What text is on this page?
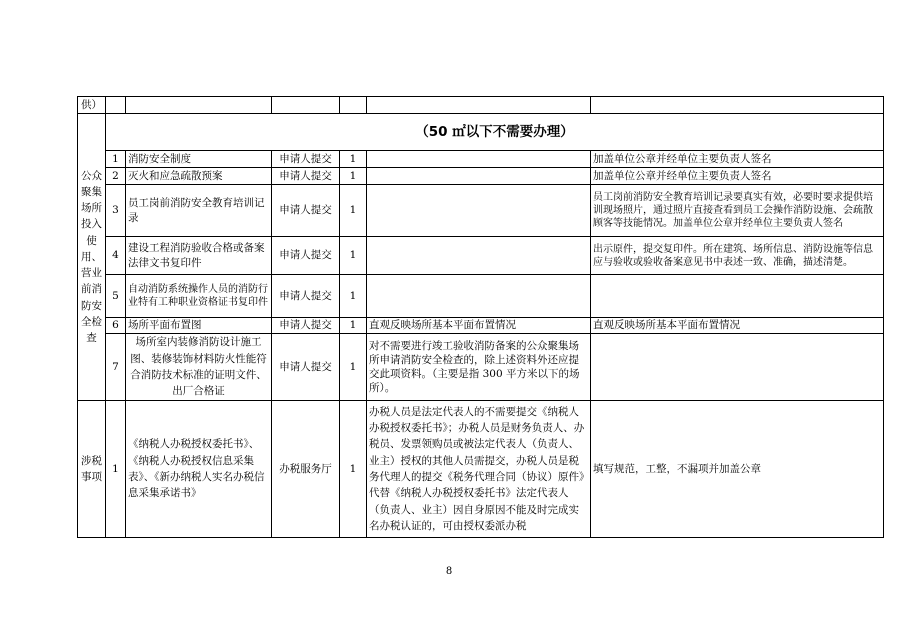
供）						
公众聚集场所投入使用、营业前消防安全检查	（50 ㎡以下不需要办理）					
	1	消防安全制度	申请人提交	1		加盖单位公章并经单位主要负责人签名
	2	灭火和应急疏散预案	申请人提交	1		加盖单位公章并经单位主要负责人签名
	3	员工岗前消防安全教育培训记录	申请人提交	1		员工岗前消防安全教育培训记录要真实有效，必要时要求提供培训现场照片，通过照片直接查看到员工会操作消防设施、会疏散顾客等技能情况。加盖单位公章并经单位主要负责人签名
	4	建设工程消防验收合格或备案法律文书复印件	申请人提交	1		出示原件，提交复印件。所在建筑、场所信息、消防设施等信息应与验收或验收备案意见书中表述一致、准确，描述清楚。
	5	自动消防系统操作人员的消防行业特有工种职业资格证书复印件	申请人提交	1		
	6	场所平面布置图	申请人提交	1	直观反映场所基本平面布置情况	直观反映场所基本平面布置情况
	7	场所室内装修消防设计施工图、装修装饰材料防火性能符合消防技术标准的证明文件、出厂合格证	申请人提交	1	对不需要进行竣工验收消防备案的公众聚集场所申请消防安全检查的，除上述资料外还应提交此项资料。（主要是指 300 平方米以下的场所）。	
涉税事项	1	《纳税人办税授权委托书》、《纳税人办税授权信息采集表》、《新办纳税人实名办税信息采集承诺书》	办税服务厅	1	办税人员是法定代表人的不需要提交《纳税人办税授权委托书》；办税人员是财务负责人、办税员、发票领购员或被法定代表人（负责人、业主）授权的其他人员需提交，办税人员是税务代理人的提交《税务代理合同（协议）原件》代替《纳税人办税授权委托书》法定代表人（负责人、业主）因自身原因不能及时完成实名办税认证的，可由授权委派办税	填写规范，工整，不漏项并加盖公章
8
